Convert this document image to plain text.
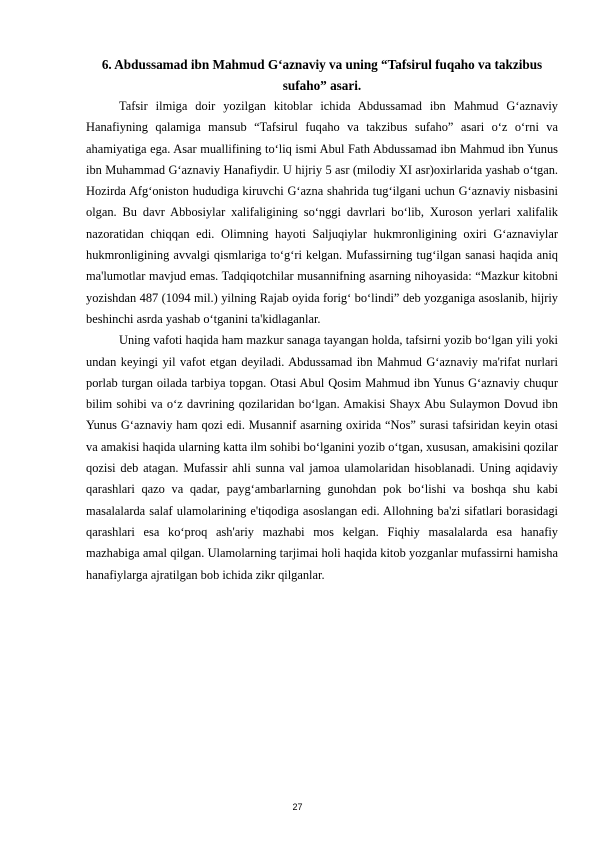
6. Abdussamad ibn Mahmud G‘aznaviy va uning “Tafsirul fuqaho va takzibus sufaho” asari.

Tafsir ilmiga doir yozilgan kitoblar ichida Abdussamad ibn Mahmud G‘aznaviy Hanafiyning qalamiga mansub “Tafsirul fuqaho va takzibus sufaho” asari o‘z o‘rni va ahamiyatiga ega. Asar muallifining to‘liq ismi Abul Fath Abdussamad ibn Mahmud ibn Yunus ibn Muhammad G‘aznaviy Hanafiydir. U hijriy 5 asr (milodiy XI asr)oxirlarida yashab o‘tgan. Hozirda Afg‘oniston hududiga kiruvchi G‘azna shahrida tug‘ilgani uchun G‘aznaviy nisbasini olgan. Bu davr Abbosiylar xalifaligining so‘nggi davrlari bo‘lib, Xuroson yerlari xalifalik nazoratidan chiqqan edi. Olimning hayoti Saljuqiylar hukmronligining oxiri G‘aznaviylar hukmronligining avvalgi qismlariga to‘g‘ri kelgan. Mufassirning tug‘ilgan sanasi haqida aniq ma'lumotlar mavjud emas. Tadqiqotchilar musannifning asarning nihoyasida: “Mazkur kitobni yozishdan 487 (1094 mil.) yilning Rajab oyida forig‘ bo‘lindi” deb yozganiga asoslanib, hijriy beshinchi asrda yashab o‘tganini ta'kidlaganlar.

Uning vafoti haqida ham mazkur sanaga tayangan holda, tafsirni yozib bo‘lgan yili yoki undan keyingi yil vafot etgan deyiladi. Abdussamad ibn Mahmud G‘aznaviy ma'rifat nurlari porlab turgan oilada tarbiya topgan. Otasi Abul Qosim Mahmud ibn Yunus G‘aznaviy chuqur bilim sohibi va o‘z davrining qozilaridan bo‘lgan. Amakisi Shayx Abu Sulaymon Dovud ibn Yunus G‘aznaviy ham qozi edi. Musannif asarning oxirida “Nos” surasi tafsiridan keyin otasi va amakisi haqida ularning katta ilm sohibi bo‘lganini yozib o‘tgan, xususan, amakisini qozilar qozisi deb atagan. Mufassir ahli sunna val jamoa ulamolaridan hisoblanadi. Uning aqidaviy qarashlari qazo va qadar, payg‘ambarlarning gunohdan pok bo‘lishi va boshqa shu kabi masalalarda salaf ulamolarining e'tiqodiga asoslangan edi. Allohning ba'zi sifatlari borasidagi qarashlari esa ko‘proq ash'ariy mazhabi mos kelgan. Fiqhiy masalalarda esa hanafiy mazhabiga amal qilgan. Ulamolarning tarjimai holi haqida kitob yozganlar mufassirni hamisha hanafiylarga ajratilgan bob ichida zikr qilganlar.

27
